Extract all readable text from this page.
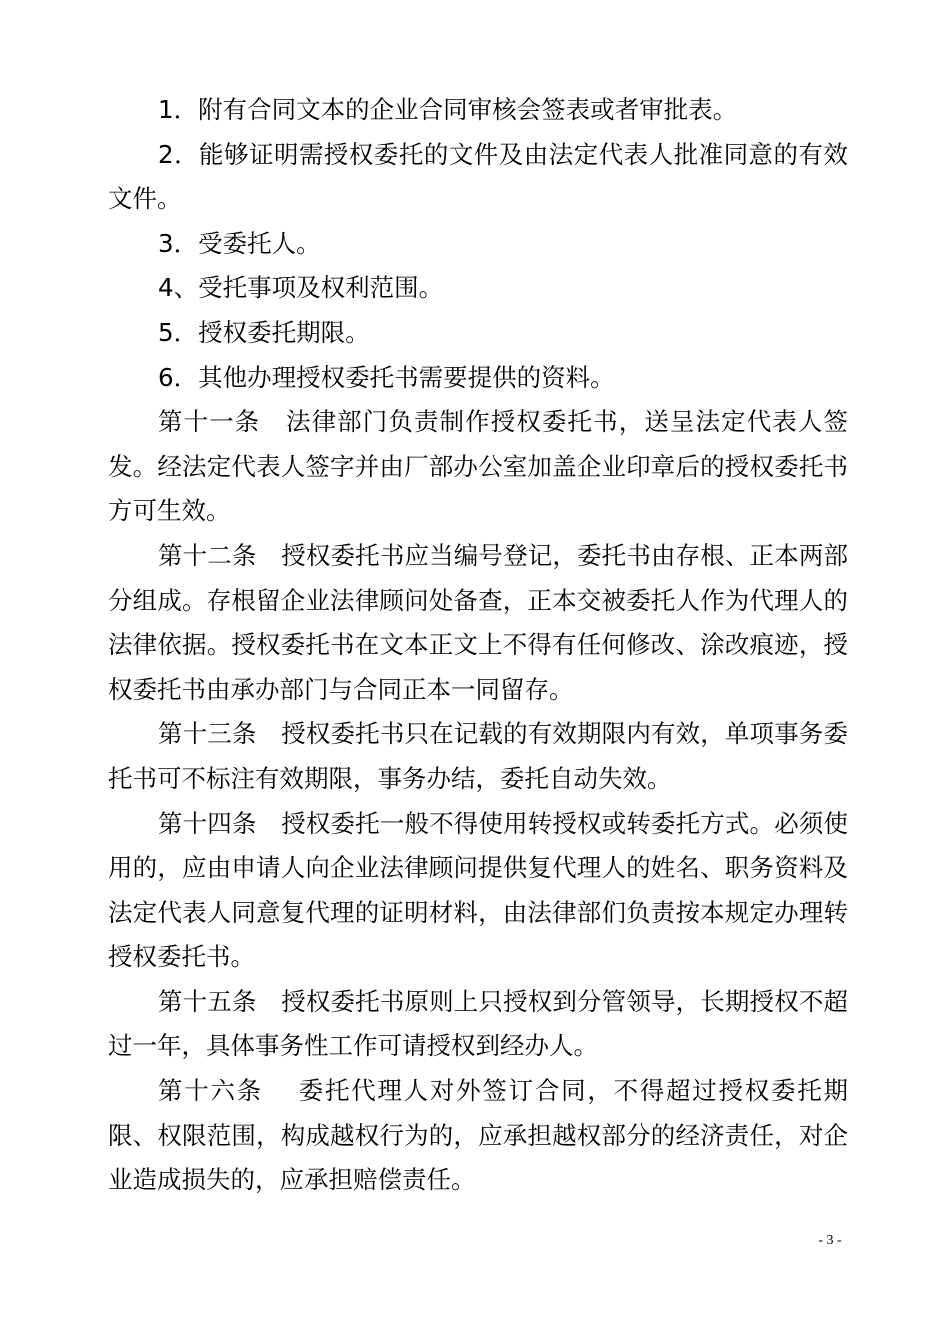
1．附有合同文本的企业合同审核会签表或者审批表。

2．能够证明需授权委托的文件及由法定代表人批准同意的有效文件。

3．受委托人。

4、受托事项及权利范围。

5．授权委托期限。

6．其他办理授权委托书需要提供的资料。

第十一条　法律部门负责制作授权委托书，送呈法定代表人签发。经法定代表人签字并由厂部办公室加盖企业印章后的授权委托书方可生效。

第十二条　授权委托书应当编号登记，委托书由存根、正本两部分组成。存根留企业法律顾问处备查，正本交被委托人作为代理人的法律依据。授权委托书在文本正文上不得有任何修改、涂改痕迹，授权委托书由承办部门与合同正本一同留存。

第十三条　授权委托书只在记载的有效期限内有效，单项事务委托书可不标注有效期限，事务办结，委托自动失效。

第十四条　授权委托一般不得使用转授权或转委托方式。必须使用的，应由申请人向企业法律顾问提供复代理人的姓名、职务资料及法定代表人同意复代理的证明材料，由法律部们负责按本规定办理转授权委托书。

第十五条　授权委托书原则上只授权到分管领导，长期授权不超过一年，具体事务性工作可请授权到经办人。

第十六条　 委托代理人对外签订合同，不得超过授权委托期限、权限范围，构成越权行为的，应承担越权部分的经济责任，对企业造成损失的，应承担赔偿责任。

- 3 -
